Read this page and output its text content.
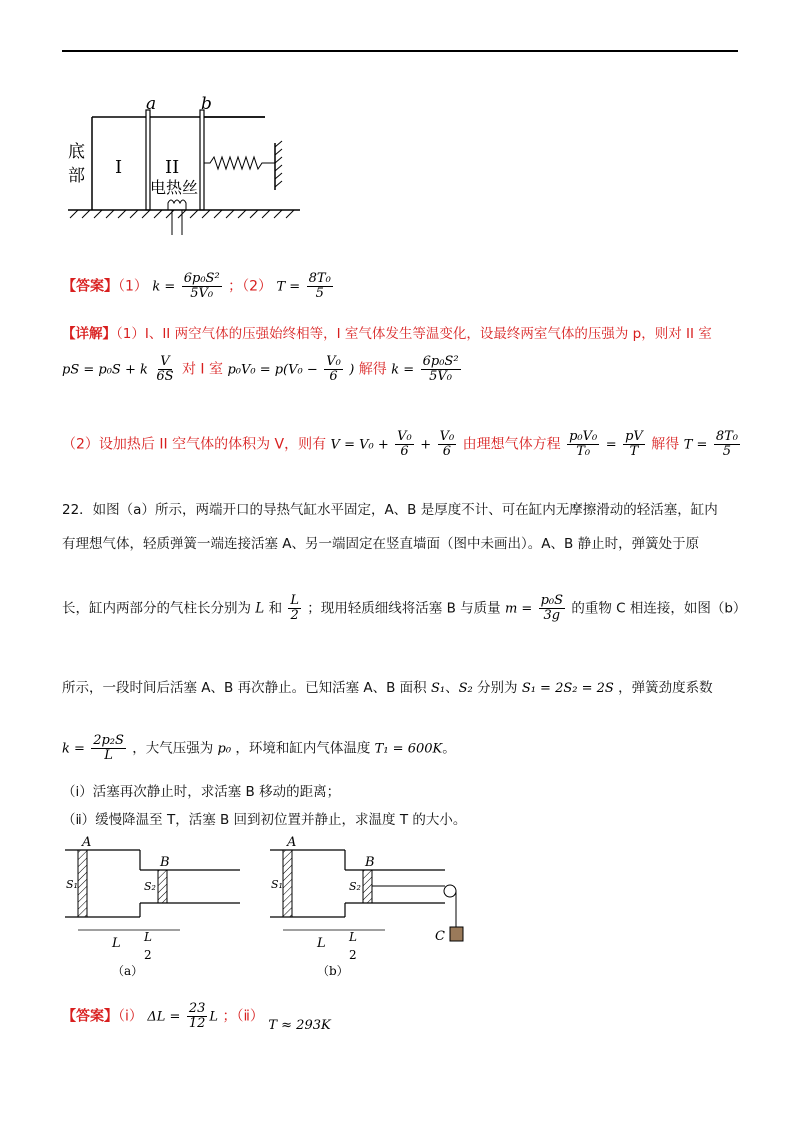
a	b
底
部 I II
电热丝
【答案】（1） $k = \frac{\text{6p₀S²}}{\text{5V₀}}$ ；（2） $T = \frac{\text{8T₀}}{5}$
【详解】（1）I、II 两空气体的压强始终相等，I 室气体发生等温变化，设最终两室气体的压强为 p，则对 II 室
pS = p₀S + k $\frac{V}{6S}$ 对 I 室 $p_0V_0 = p(V_0 - \frac{\text{V₀}}{6}$ ) 解得 $k = \frac{\text{6p₀S²}}{\text{5V₀}}$
（2）设加热后 II 空气体的体积为 V，则有 $V = V_0 + \frac{\text{V₀}}{6} + \frac{\text{V₀}}{6}$ 由理想气体方程 $\frac{\text{p₀V₀}}{\text{T₀}} = \frac{pV}{T}$ 解得 $T = \frac{\text{8T₀}}{5}$
22．如图（a）所示，两端开口的导热气缸水平固定，A、B 是厚度不计、可在缸内无摩擦滑动的轻活塞，缸内
有理想气体，轻质弹簧一端连接活塞 A、另一端固定在竖直墙面（图中未画出）。A、B 静止时，弹簧处于原
长，缸内两部分的气柱长分别为 L 和 $\frac{L}{2}$ ；现用轻质细线将活塞 B 与质量 $m = \frac{\text{p₀S}}{3g}$ 的重物 C 相连接，如图（b）
所示，一段时间后活塞 A、B 再次静止。已知活塞 A、B 面积 S₁、S₂ 分别为 S₁ = 2S₂ = 2S ，弹簧劲度系数
$k = \frac{\text{2p₂S}}{L}$ ，大气压强为 p₀ ，环境和缸内气体温度 T₁ = 600K。
（ⅰ）活塞再次静止时，求活塞 B 移动的距离；
（ⅱ）缓慢降温至 T，活塞 B 回到初位置并静止，求温度 T 的大小。
A
B
S₁	S₂
L L
2
（a）
A
B
S₁	S₂
L L
2
（b）
C
【答案】（ⅰ） $\Delta L = \frac{23}{12}$ L ；（ⅱ） T ≈ 293K
